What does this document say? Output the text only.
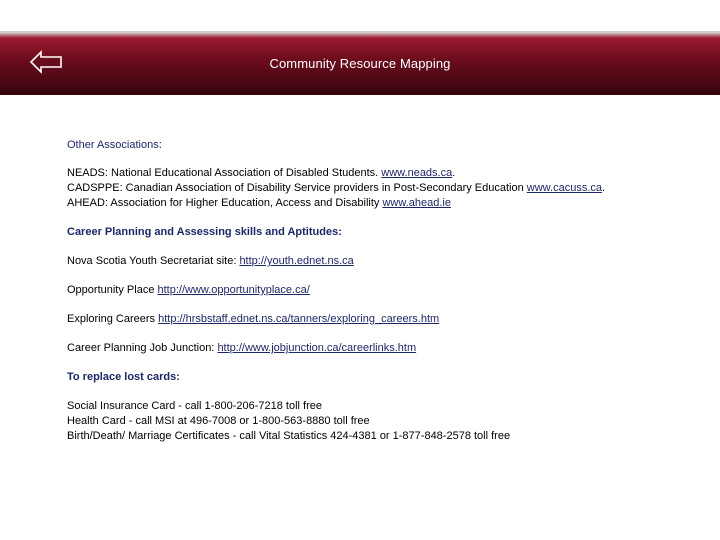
Community Resource Mapping
Other Associations:
NEADS: National Educational Association of Disabled Students. www.neads.ca.
CADSPPE: Canadian Association of Disability Service providers in Post-Secondary Education www.cacuss.ca.
AHEAD: Association for Higher Education, Access and Disability www.ahead.ie
Career Planning and Assessing skills and Aptitudes:
Nova Scotia Youth Secretariat site: http://youth.ednet.ns.ca
Opportunity Place http://www.opportunityplace.ca/
Exploring Careers http://hrsbstaff.ednet.ns.ca/tanners/exploring_careers.htm
Career Planning Job Junction: http://www.jobjunction.ca/careerlinks.htm
To replace lost cards:
Social Insurance Card - call 1-800-206-7218 toll free
Health Card - call MSI at 496-7008 or 1-800-563-8880 toll free
Birth/Death/ Marriage Certificates - call Vital Statistics 424-4381 or 1-877-848-2578 toll free
